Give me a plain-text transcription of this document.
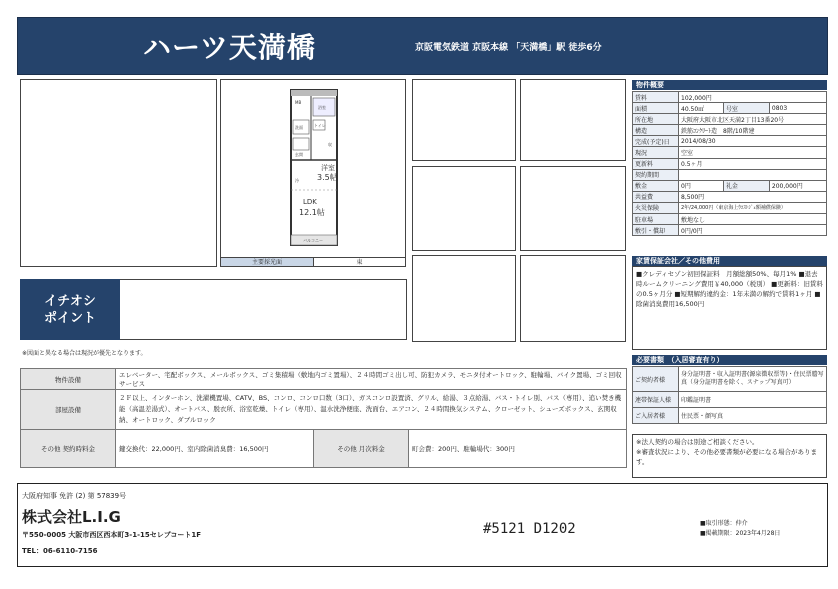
ハーツ天満橋	京阪電気鉄道 京阪本線 「天満橋」駅 徒歩6分
洋室
3.5帖
LDK
12.1帖
玄関
浴室
洗面	トイレ
冷
収
MB
バルコニー
主要採光面	東
物件概要
賃料	102,000円		
面積	40.50㎡	号室	0803
所在地	大阪府大阪市北区天満2丁目13番20号		
構造	鉄筋ｺﾝｸﾘｰﾄ造　8階/10階建		
完成(予定)日	2014/08/30		
現況	空室		
更新料	0.5ヶ月		
契約期間			
敷金	0円	礼金	200,000円
共益費	8,500円		
火災保険	2年/24,000円（東京海上ｳｴｽﾄｼﾞｪ額補償保険）		
駐車場	敷地なし		
敷引・償却	0円/0円		
家賃保証会社／その他費用
■クレディセゾン初回保証料　月額総額50%、毎月1% ■退去時ルームクリーニング費用￥40,000（税別） ■更新料：旧賃料の0.5ヶ月分 ■短期解約違約金：1年未満の解約で賃料1ヶ月 ■除菌消臭費用16,500円
必要書類　（入居審査有り）
ご契約者様	身分証明書・収入証明書(源泉徴収票等)・住民票謄写真（身分証明書を除く、スナップ写真可）
連帯保証人様	印鑑証明書
ご入居者様	住民票・顔写真
※法人契約の場合は別途ご相談ください。
※審査状況により、その他必要書類が必要になる場合があります。
イチオシ
ポイント
※図面と異なる場合は現況が優先となります。
物件設備	エレベーター、宅配ボックス、メールボックス、ゴミ集積場（敷地内ゴミ置場）、２４時間ゴミ出し可、防犯カメラ、モニタ付オートロック、駐輪場、バイク置場、ゴミ回収サービス		
部屋設備	２Ｆ以上、インターホン、洗濯機置場、CATV、BS、コンロ、コンロ口数（3口）、ガスコンロ設置済、グリル、給湯、３点給湯、バス・トイレ別、バス（専用）、追い焚き機能（高温差湯式）、オートバス、脱衣所、浴室乾燥、トイレ（専用）、温水洗浄便座、洗面台、エアコン、２４時間換気システム、クローゼット、シューズボックス、玄関収納、オートロック、ダブルロック		
その他 契約時料金	鍵交換代：22,000円、室内除菌消臭費：16,500円	その他 月次料金	町会費：200円、駐輪場代：300円
大阪府知事 免許 (2) 第 57839号
株式会社L.I.G
〒550-0005 大阪市西区西本町3-1-15セレブコート1F
TEL：06-6110-7156
#5121 D1202	■取引形態：仲介
■掲載期限：2023年4月28日
